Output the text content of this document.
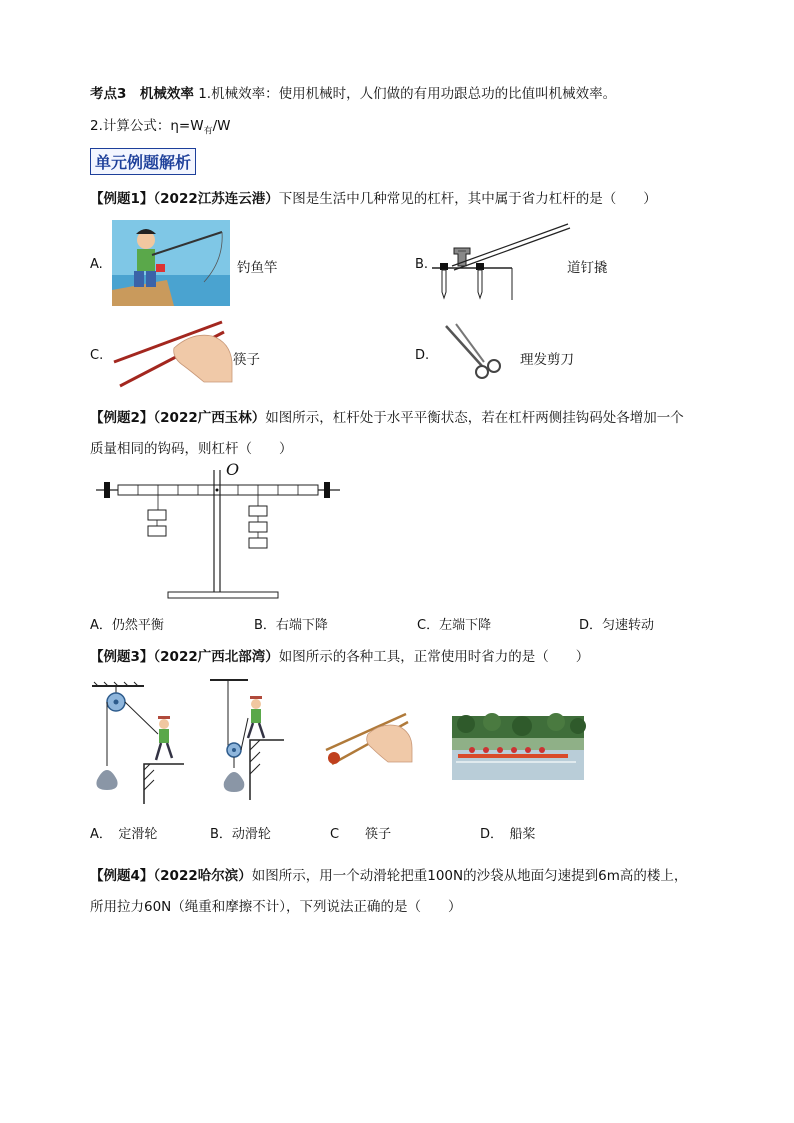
考点3　机械效率 1.机械效率：使用机械时，人们做的有用功跟总功的比值叫机械效率。
2.计算公式：$\eta=W_有/W$
单元例题解析
【例题1】（2022江苏连云港）下图是生活中几种常见的杠杆，其中属于省力杠杆的是（　　）
A.	钓鱼竿	B.	道钉撬
C.	筷子	D.	理发剪刀
【例题2】（2022广西玉林）如图所示，杠杆处于水平平衡状态，若在杠杆两侧挂钩码处各增加一个
质量相同的钩码，则杠杆（　　）
O
A．仍然平衡	B．右端下降	C．左端下降	D．匀速转动
【例题3】（2022广西北部湾）如图所示的各种工具，正常使用时省力的是（　　）
A．　定滑轮	B．动滑轮	C　　筷子	D．　船桨
【例题4】（2022哈尔滨）如图所示，用一个动滑轮把重100N的沙袋从地面匀速提到6m高的楼上，
所用拉力60N（绳重和摩擦不计），下列说法正确的是（　　）
